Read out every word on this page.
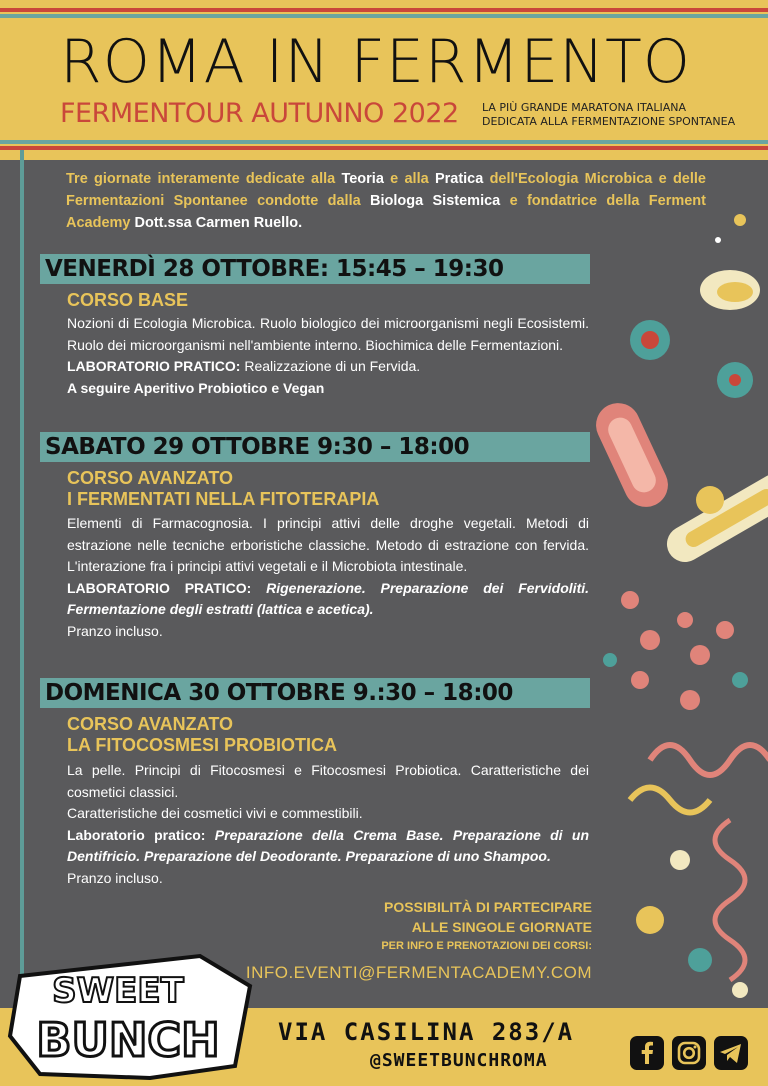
ROMA IN FERMENTO
FERMENTOUR AUTUNNO 2022 LA PIÙ GRANDE MARATONA ITALIANA
DEDICATA ALLA FERMENTAZIONE SPONTANEA
Tre giornate interamente dedicate alla Teoria e alla Pratica dell'Ecologia Microbica e delle Fermentazioni Spontanee condotte dalla Biologa Sistemica e fondatrice della Ferment Academy Dott.ssa Carmen Ruello.
VENERDÌ 28 OTTOBRE: 15:45 – 19:30
CORSO BASE
Nozioni di Ecologia Microbica. Ruolo biologico dei microorganismi negli Ecosistemi. Ruolo dei microorganismi nell'ambiente interno. Biochimica delle Fermentazioni.
LABORATORIO PRATICO: Realizzazione di un Fervida.
A seguire Aperitivo Probiotico e Vegan
SABATO 29 OTTOBRE 9:30 – 18:00
CORSO AVANZATO
I FERMENTATI NELLA FITOTERAPIA
Elementi di Farmacognosia. I principi attivi delle droghe vegetali. Metodi di estrazione nelle tecniche erboristiche classiche. Metodo di estrazione con fervida. L'interazione fra i principi attivi vegetali e il Microbiota intestinale.
LABORATORIO PRATICO: Rigenerazione. Preparazione dei Fervidoliti. Fermentazione degli estratti (lattica e acetica).
Pranzo incluso.
DOMENICA 30 OTTOBRE 9.:30 – 18:00
CORSO AVANZATO
LA FITOCOSMESI PROBIOTICA
La pelle. Principi di Fitocosmesi e Fitocosmesi Probiotica. Caratteristiche dei cosmetici classici.
Caratteristiche dei cosmetici vivi e commestibili.
Laboratorio pratico: Preparazione della Crema Base. Preparazione di un Dentifricio. Preparazione del Deodorante. Preparazione di uno Shampoo.
Pranzo incluso.
POSSIBILITÀ DI PARTECIPARE
ALLE SINGOLE GIORNATE
PER INFO E PRENOTAZIONI DEI CORSI:
INFO.EVENTI@FERMENTACADEMY.COM
SWEET
BUNCH VIA CASILINA 283/A
@SWEETBUNCHROMA
